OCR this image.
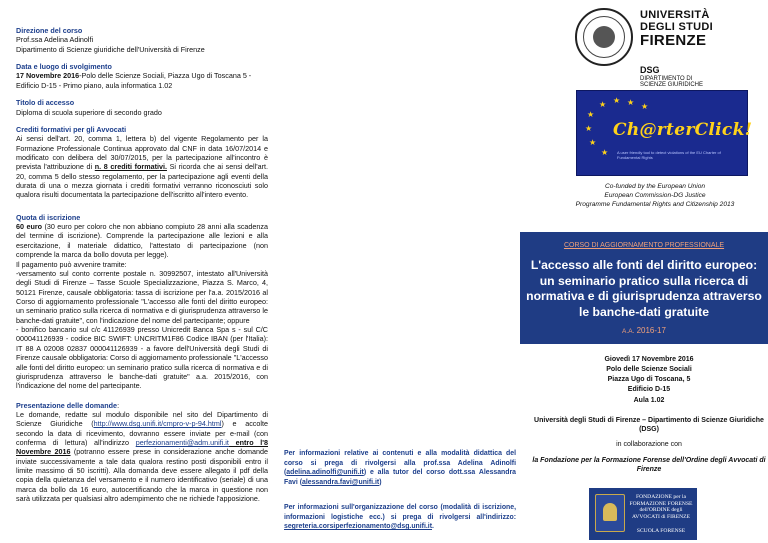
Direzione del corso

Prof.ssa Adelina Adinolfi

Dipartimento di Scienze giuridiche dell'Università di Firenze

Data e luogo di svolgimento

17 Novembre 2016-Polo delle Scienze Sociali, Piazza Ugo di Toscana 5 - Edificio D-15 - Primo piano, aula informatica 1.02

Titolo di accesso

Diploma di scuola superiore di secondo grado

Crediti formativi per gli Avvocati

Ai sensi dell'art. 20, comma 1, lettera b) del vigente Regolamento per la Formazione Professionale Continua approvato dal CNF in data 16/07/2014 e modificato con delibera del 30/07/2015, per la partecipazione all'incontro è prevista l'attribuzione di n. 8 crediti formativi. Si ricorda che ai sensi dell'art. 20, comma 5 dello stesso regolamento, per la partecipazione agli eventi della durata di una o mezza giornata i crediti formativi verranno riconosciuti solo qualora risulti documentata la partecipazione dell'iscritto all'intero evento.

Quota di iscrizione

60 euro (30 euro per coloro che non abbiano compiuto 28 anni alla scadenza del termine di iscrizione). Comprende la partecipazione alle lezioni e alla esercitazione, il materiale didattico, l'attestato di partecipazione (non comprende la marca da bollo dovuta per legge).

Il pagamento può avvenire tramite:

-versamento sul conto corrente postale n. 30992507, intestato all'Università degli Studi di Firenze – Tasse Scuole Specializzazione, Piazza S. Marco, 4, 50121 Firenze, causale obbligatoria: tassa di iscrizione per l'a.a. 2015/2016 al Corso di aggiornamento professionale "L'accesso alle fonti del diritto europeo: un seminario pratico sulla ricerca di normativa e di giurisprudenza attraverso le banche-dati gratuite", con l'indicazione del nome del partecipante; oppure

- bonifico bancario sul c/c 41126939 presso Unicredit Banca Spa s - sul C/C 000041126939 - codice BIC SWIFT: UNCRITM1F86 Codice IBAN (per l'Italia): IT 88 A 02008 02837 000041126939 - a favore dell'Università degli Studi di Firenze causale obbligatoria: Corso di aggiornamento professionale "L'accesso alle fonti del diritto europeo: un seminario pratico sulla ricerca di normativa e di giurisprudenza attraverso le banche-dati gratuite" a.a. 2015/2016, con l'indicazione del nome del partecipante.

Presentazione delle domande:

Le domande, redatte sul modulo disponibile nel sito del Dipartimento di Scienze Giuridiche (http://www.dsg.unifi.it/cmpro-v-p-94.html) e accolte secondo la data di ricevimento, dovranno essere inviate per e-mail (con conferma di lettura) all'indirizzo perfezionamenti@adm.unifi.it entro l'8 Novembre 2016 (potranno essere prese in considerazione anche domande inviate successivamente a tale data qualora restino posti disponibili entro il limite massimo di 50 iscritti). Alla domanda deve essere allegato il pdf della copia della quietanza del versamento e il numero identificativo (seriale) di una marca da bollo da 16 euro, autocertificando che la marca in questione non sarà utilizzata per qualsiasi altro adempimento che ne richiede l'apposizione.

Per informazioni relative ai contenuti e alla modalità didattica del corso si prega di rivolgersi alla prof.ssa Adelina Adinolfi (adelina.adinolfi@unifi.it) e alla tutor del corso dott.ssa Alessandra Favi (alessandra.favi@unifi.it)
Per informazioni sull'organizzazione del corso (modalità di iscrizione, informazioni logistiche ecc.) si prega di rivolgersi all'indirizzo: segreteria.corsiperfezionamento@dsg.unifi.it.
UNIVERSITÀ
DEGLI STUDI
FIRENZE
DSG
DIPARTIMENTO DI
SCIENZE GIURIDICHE
★
★ ★
★
★
★
★ ★
Ch@rterClick!
A user friendly tool to detect violations of the EU Charter of Fundamental Rights
Co-funded by the European Union
European Commission-DG Justice
Programme Fundamental Rights and Citizenship 2013
CORSO DI AGGIORNAMENTO PROFESSIONALE
L'accesso alle fonti del diritto europeo: un seminario pratico sulla ricerca di normativa e di giurisprudenza attraverso le banche-dati gratuite
A.A. 2016-17
Giovedì 17 Novembre 2016
Polo delle Scienze Sociali
Piazza Ugo di Toscana, 5
Edificio D-15
Aula 1.02
Università degli Studi di Firenze – Dipartimento di Scienze Giuridiche (DSG)
in collaborazione con
la Fondazione per la Formazione Forense dell'Ordine degli Avvocati di Firenze
FONDAZIONE per la FORMAZIONE FORENSE dell'ORDINE degli AVVOCATI di FIRENZE
SCUOLA FORENSE
